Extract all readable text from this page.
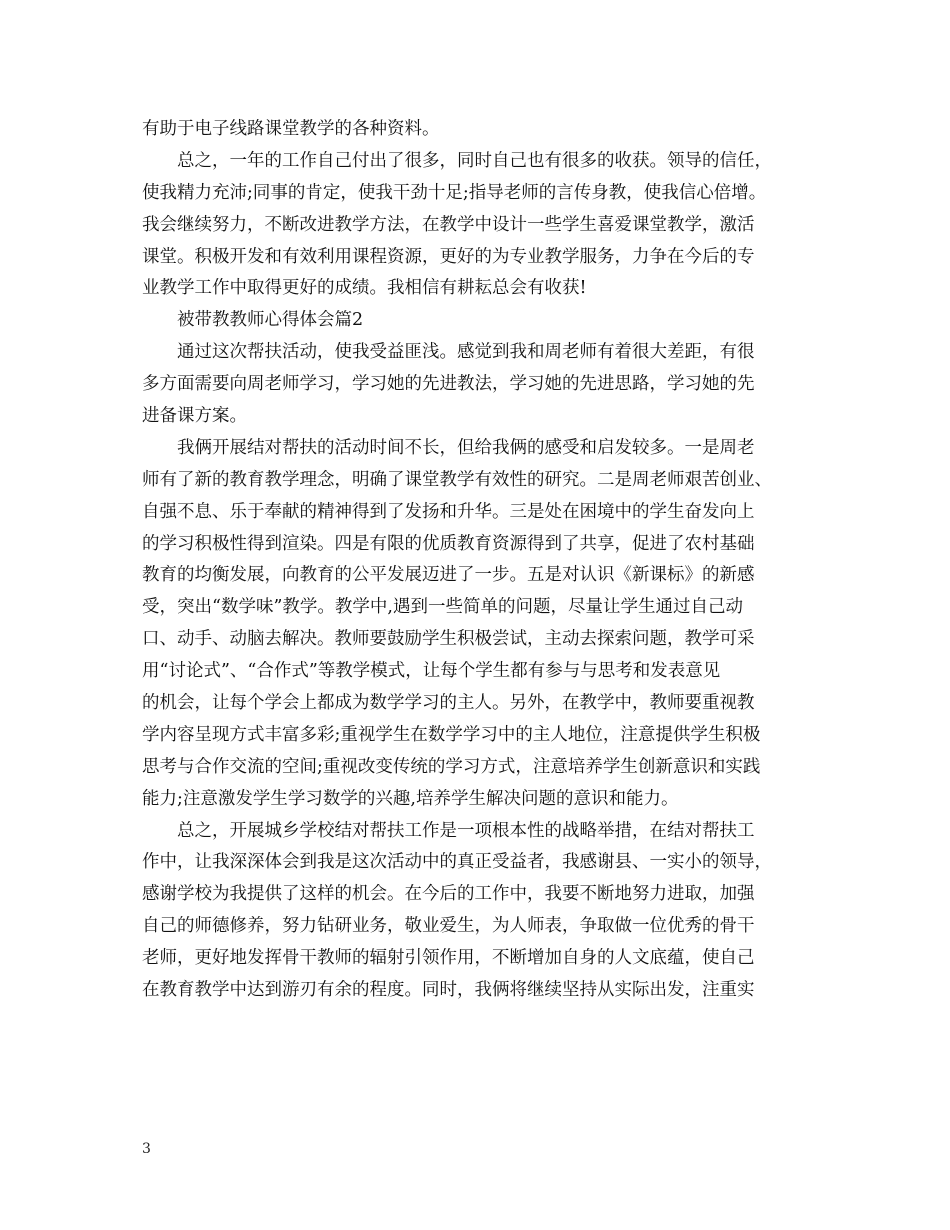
有助于电子线路课堂教学的各种资料。
　　总之，一年的工作自己付出了很多，同时自己也有很多的收获。领导的信任，
使我精力充沛;同事的肯定，使我干劲十足;指导老师的言传身教，使我信心倍增。
我会继续努力，不断改进教学方法，在教学中设计一些学生喜爱课堂教学，激活
课堂。积极开发和有效利用课程资源，更好的为专业教学服务，力争在今后的专
业教学工作中取得更好的成绩。我相信有耕耘总会有收获!
　　被带教教师心得体会篇2
　　通过这次帮扶活动，使我受益匪浅。感觉到我和周老师有着很大差距，有很
多方面需要向周老师学习，学习她的先进教法，学习她的先进思路，学习她的先
进备课方案。
　　我俩开展结对帮扶的活动时间不长，但给我俩的感受和启发较多。一是周老
师有了新的教育教学理念，明确了课堂教学有效性的研究。二是周老师艰苦创业、
自强不息、乐于奉献的精神得到了发扬和升华。三是处在困境中的学生奋发向上
的学习积极性得到渲染。四是有限的优质教育资源得到了共享，促进了农村基础
教育的均衡发展，向教育的公平发展迈进了一步。五是对认识《新课标》的新感
受，突出“数学味”教学。教学中,遇到一些简单的问题，尽量让学生通过自己动
口、动手、动脑去解决。教师要鼓励学生积极尝试，主动去探索问题，教学可采
用“讨论式”、“合作式”等教学模式，让每个学生都有参与与思考和发表意见
的机会，让每个学会上都成为数学学习的主人。另外，在教学中，教师要重视教
学内容呈现方式丰富多彩;重视学生在数学学习中的主人地位，注意提供学生积极
思考与合作交流的空间;重视改变传统的学习方式，注意培养学生创新意识和实践
能力;注意激发学生学习数学的兴趣,培养学生解决问题的意识和能力。
　　总之，开展城乡学校结对帮扶工作是一项根本性的战略举措，在结对帮扶工
作中，让我深深体会到我是这次活动中的真正受益者，我感谢县、一实小的领导，
感谢学校为我提供了这样的机会。在今后的工作中，我要不断地努力进取，加强
自己的师德修养，努力钻研业务，敬业爱生，为人师表，争取做一位优秀的骨干
老师，更好地发挥骨干教师的辐射引领作用，不断增加自身的人文底蕴，使自己
在教育教学中达到游刃有余的程度。同时，我俩将继续坚持从实际出发，注重实
3
